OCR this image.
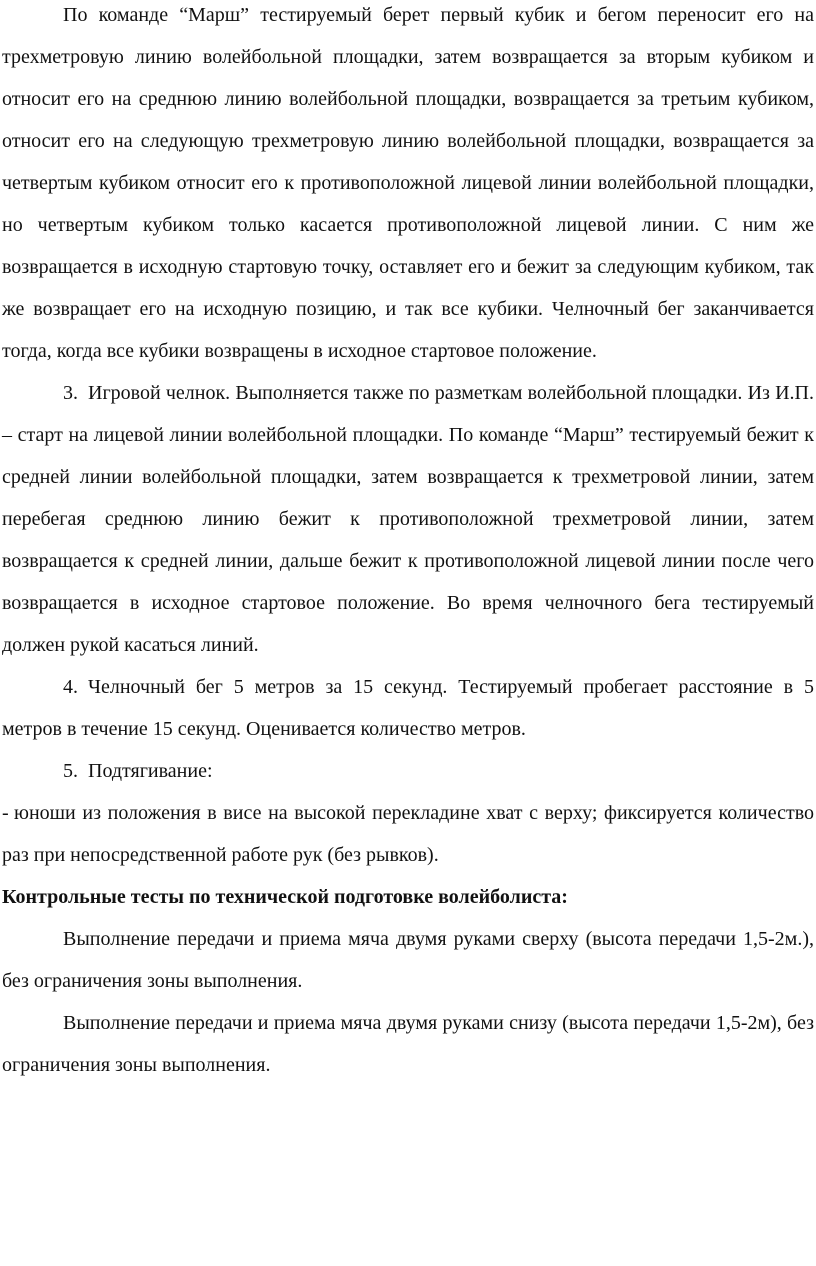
По команде “Марш” тестируемый берет первый кубик и бегом переносит его на трехметровую линию волейбольной площадки, затем возвращается за вторым кубиком и относит его на среднюю линию волейбольной площадки, возвращается за третьим кубиком, относит его на следующую трехметровую линию волейбольной площадки, возвращается за четвертым кубиком относит его к противоположной лицевой линии волейбольной площадки, но четвертым кубиком только касается противоположной лицевой линии. С ним же возвращается в исходную стартовую точку, оставляет его и бежит за следующим кубиком, так же возвращает его на исходную позицию, и так все кубики. Челночный бег заканчивается тогда, когда все кубики возвращены в исходное стартовое положение.

3. Игровой челнок. Выполняется также по разметкам волейбольной площадки. Из И.П. – старт на лицевой линии волейбольной площадки. По команде “Марш” тестируемый бежит к средней линии волейбольной площадки, затем возвращается к трехметровой линии, затем перебегая среднюю линию бежит к противоположной трехметровой линии, затем возвращается к средней линии, дальше бежит к противоположной лицевой линии после чего возвращается в исходное стартовое положение. Во время челночного бега тестируемый должен рукой касаться линий.

4. Челночный бег 5 метров за 15 секунд. Тестируемый пробегает расстояние в 5 метров в течение 15 секунд. Оценивается количество метров.

5. Подтягивание:

- юноши из положения в висе на высокой перекладине хват с верху; фиксируется количество раз при непосредственной работе рук (без рывков).

Контрольные тесты по технической подготовке волейболиста:

Выполнение передачи и приема мяча двумя руками сверху (высота передачи 1,5-2м.), без ограничения зоны выполнения.

Выполнение передачи и приема мяча двумя руками снизу (высота передачи 1,5-2м), без ограничения зоны выполнения.
